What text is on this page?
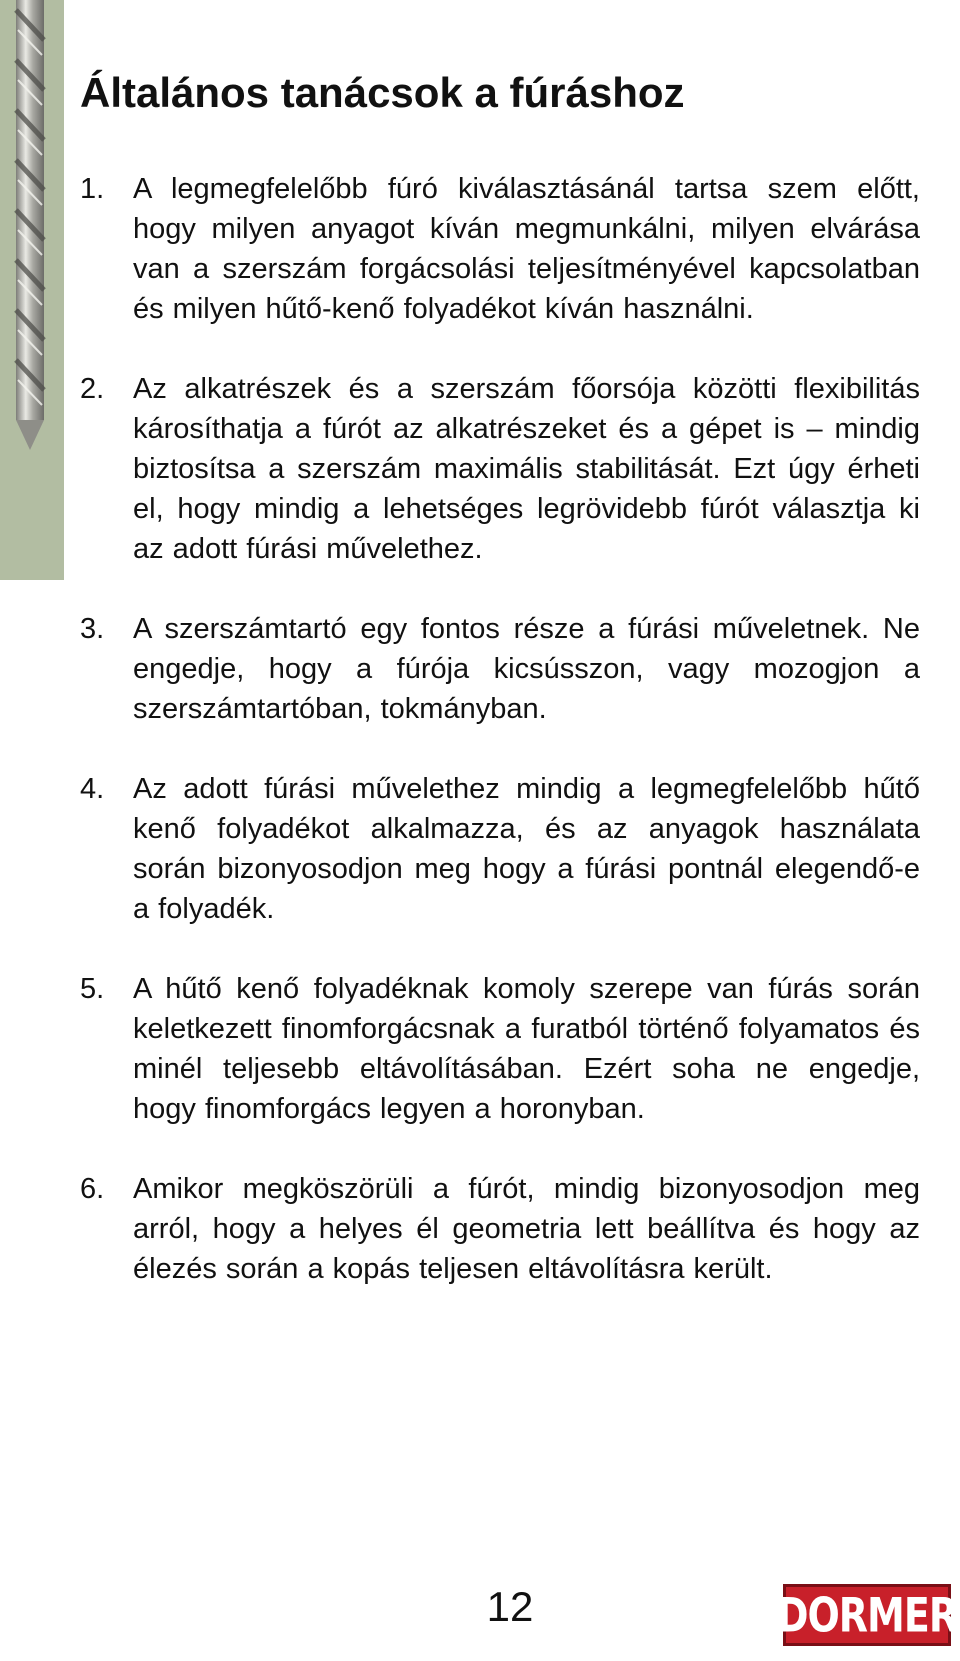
Általános tanácsok a fúráshoz
1. A legmegfelelőbb fúró kiválasztásánál tartsa szem előtt, hogy milyen anyagot kíván megmunkálni, milyen elvárása van a szerszám forgácsolási teljesítményével kapcsolatban és milyen hűtő-kenő folyadékot kíván használni.
2. Az alkatrészek és a szerszám főorsója közötti flexibilitás károsíthatja a fúrót az alkatrészeket és a gépet is – mindig biztosítsa a szerszám maximális stabilitását. Ezt úgy érheti el, hogy mindig a lehetséges legrövidebb fúrót választja ki az adott fúrási művelethez.
3. A szerszámtartó egy fontos része a fúrási műveletnek. Ne engedje, hogy a fúrója kicsússzon, vagy mozogjon a szerszámtartóban, tokmányban.
4. Az adott fúrási művelethez mindig a legmegfelelőbb hűtő kenő folyadékot alkalmazza, és az anyagok használata során bizonyosodjon meg hogy a fúrási pontnál elegendő-e a folyadék.
5. A hűtő kenő folyadéknak komoly szerepe van fúrás során keletkezett finomforgácsnak a furatból történő folyamatos és minél teljesebb eltávolításában. Ezért soha ne engedje, hogy finomforgács legyen a horonyban.
6. Amikor megköszörüli a fúrót, mindig bizonyosodjon meg arról, hogy a helyes él geometria lett beállítva és hogy az élezés során a kopás teljesen eltávolításra került.
12	DORMER
